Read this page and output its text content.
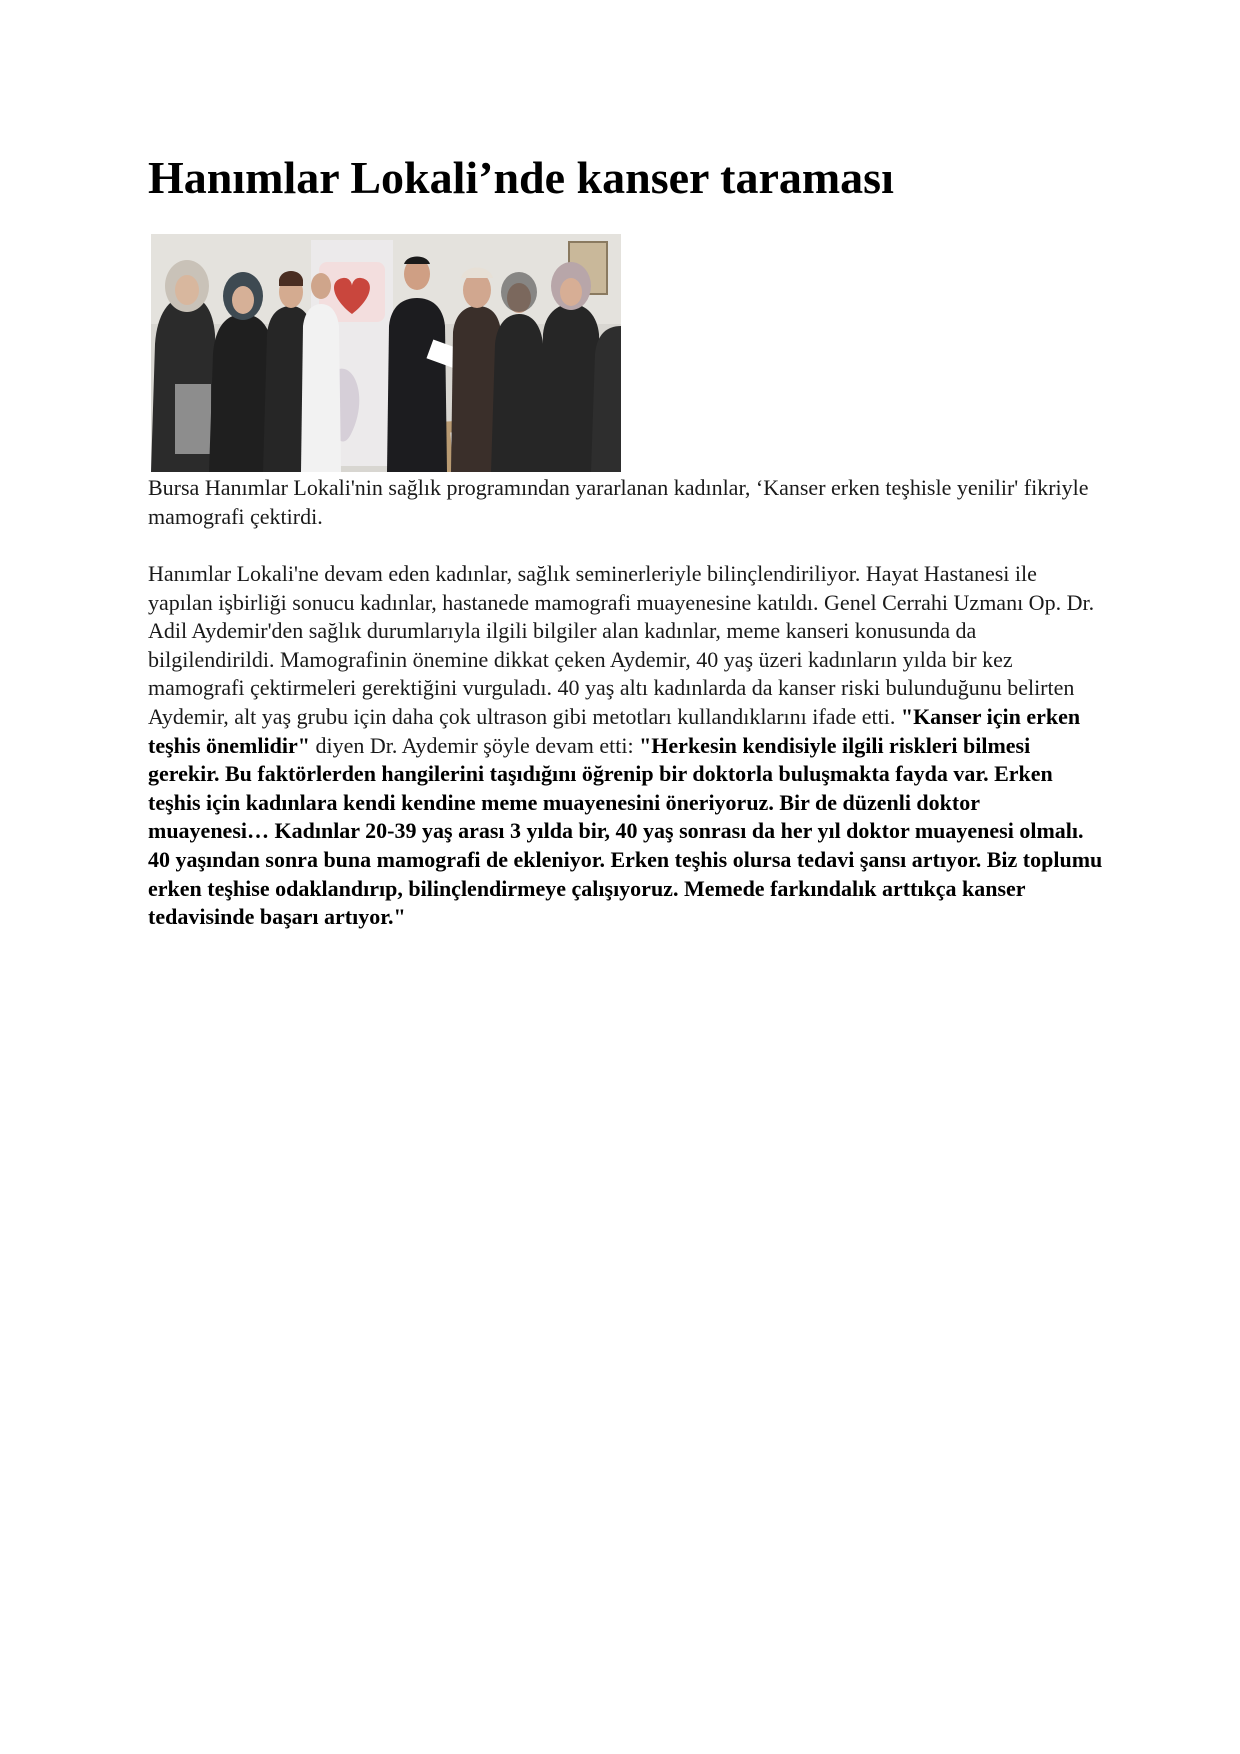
Hanımlar Lokali’nde kanser taraması

Bursa Hanımlar Lokali'nin sağlık programından yararlanan kadınlar, ‘Kanser erken teşhisle yenilir' fikriyle mamografi çektirdi.

Hanımlar Lokali'ne devam eden kadınlar, sağlık seminerleriyle bilinçlendiriliyor. Hayat Hastanesi ile yapılan işbirliği sonucu kadınlar, hastanede mamografi muayenesine katıldı. Genel Cerrahi Uzmanı Op. Dr. Adil Aydemir'den sağlık durumlarıyla ilgili bilgiler alan kadınlar, meme kanseri konusunda da bilgilendirildi. Mamografinin önemine dikkat çeken Aydemir, 40 yaş üzeri kadınların yılda bir kez mamografi çektirmeleri gerektiğini vurguladı. 40 yaş altı kadınlarda da kanser riski bulunduğunu belirten Aydemir, alt yaş grubu için daha çok ultrason gibi metotları kullandıklarını ifade etti. "Kanser için erken teşhis önemlidir" diyen Dr. Aydemir şöyle devam etti: "Herkesin kendisiyle ilgili riskleri bilmesi gerekir. Bu faktörlerden hangilerini taşıdığını öğrenip bir doktorla buluşmakta fayda var. Erken teşhis için kadınlara kendi kendine meme muayenesini öneriyoruz. Bir de düzenli doktor muayenesi… Kadınlar 20-39 yaş arası 3 yılda bir, 40 yaş sonrası da her yıl doktor muayenesi olmalı. 40 yaşından sonra buna mamografi de ekleniyor. Erken teşhis olursa tedavi şansı artıyor. Biz toplumu erken teşhise odaklandırıp, bilinçlendirmeye çalışıyoruz. Memede farkındalık arttıkça kanser tedavisinde başarı artıyor."
